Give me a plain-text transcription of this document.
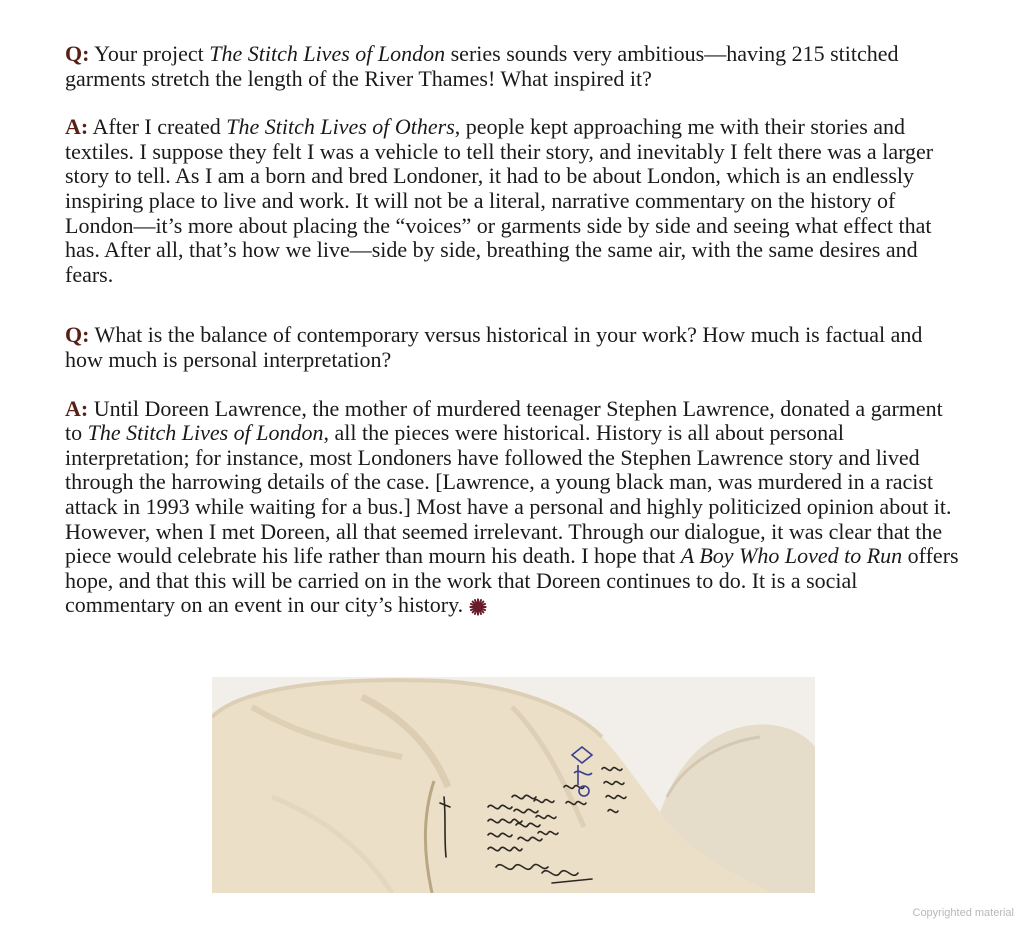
Q: Your project The Stitch Lives of London series sounds very ambitious—having 215 stitched garments stretch the length of the River Thames! What inspired it?

A: After I created The Stitch Lives of Others, people kept approaching me with their stories and textiles. I suppose they felt I was a vehicle to tell their story, and inevitably I felt there was a larger story to tell. As I am a born and bred Londoner, it had to be about London, which is an endlessly inspiring place to live and work. It will not be a literal, narrative commentary on the history of London—it’s more about placing the “voices” or garments side by side and seeing what effect that has. After all, that’s how we live—side by side, breathing the same air, with the same desires and fears.

Q: What is the balance of contemporary versus historical in your work? How much is factual and how much is personal interpretation?

A: Until Doreen Lawrence, the mother of murdered teenager Stephen Lawrence, donated a garment to The Stitch Lives of London, all the pieces were historical. History is all about personal interpretation; for instance, most Londoners have followed the Stephen Lawrence story and lived through the harrowing details of the case. [Lawrence, a young black man, was murdered in a racist attack in 1993 while waiting for a bus.] Most have a personal and highly politicized opinion about it. However, when I met Doreen, all that seemed irrelevant. Through our dialogue, it was clear that the piece would celebrate his life rather than mourn his death. I hope that A Boy Who Loved to Run offers hope, and that this will be carried on in the work that Doreen continues to do. It is a social commentary on an event in our city’s history.

Copyrighted material
